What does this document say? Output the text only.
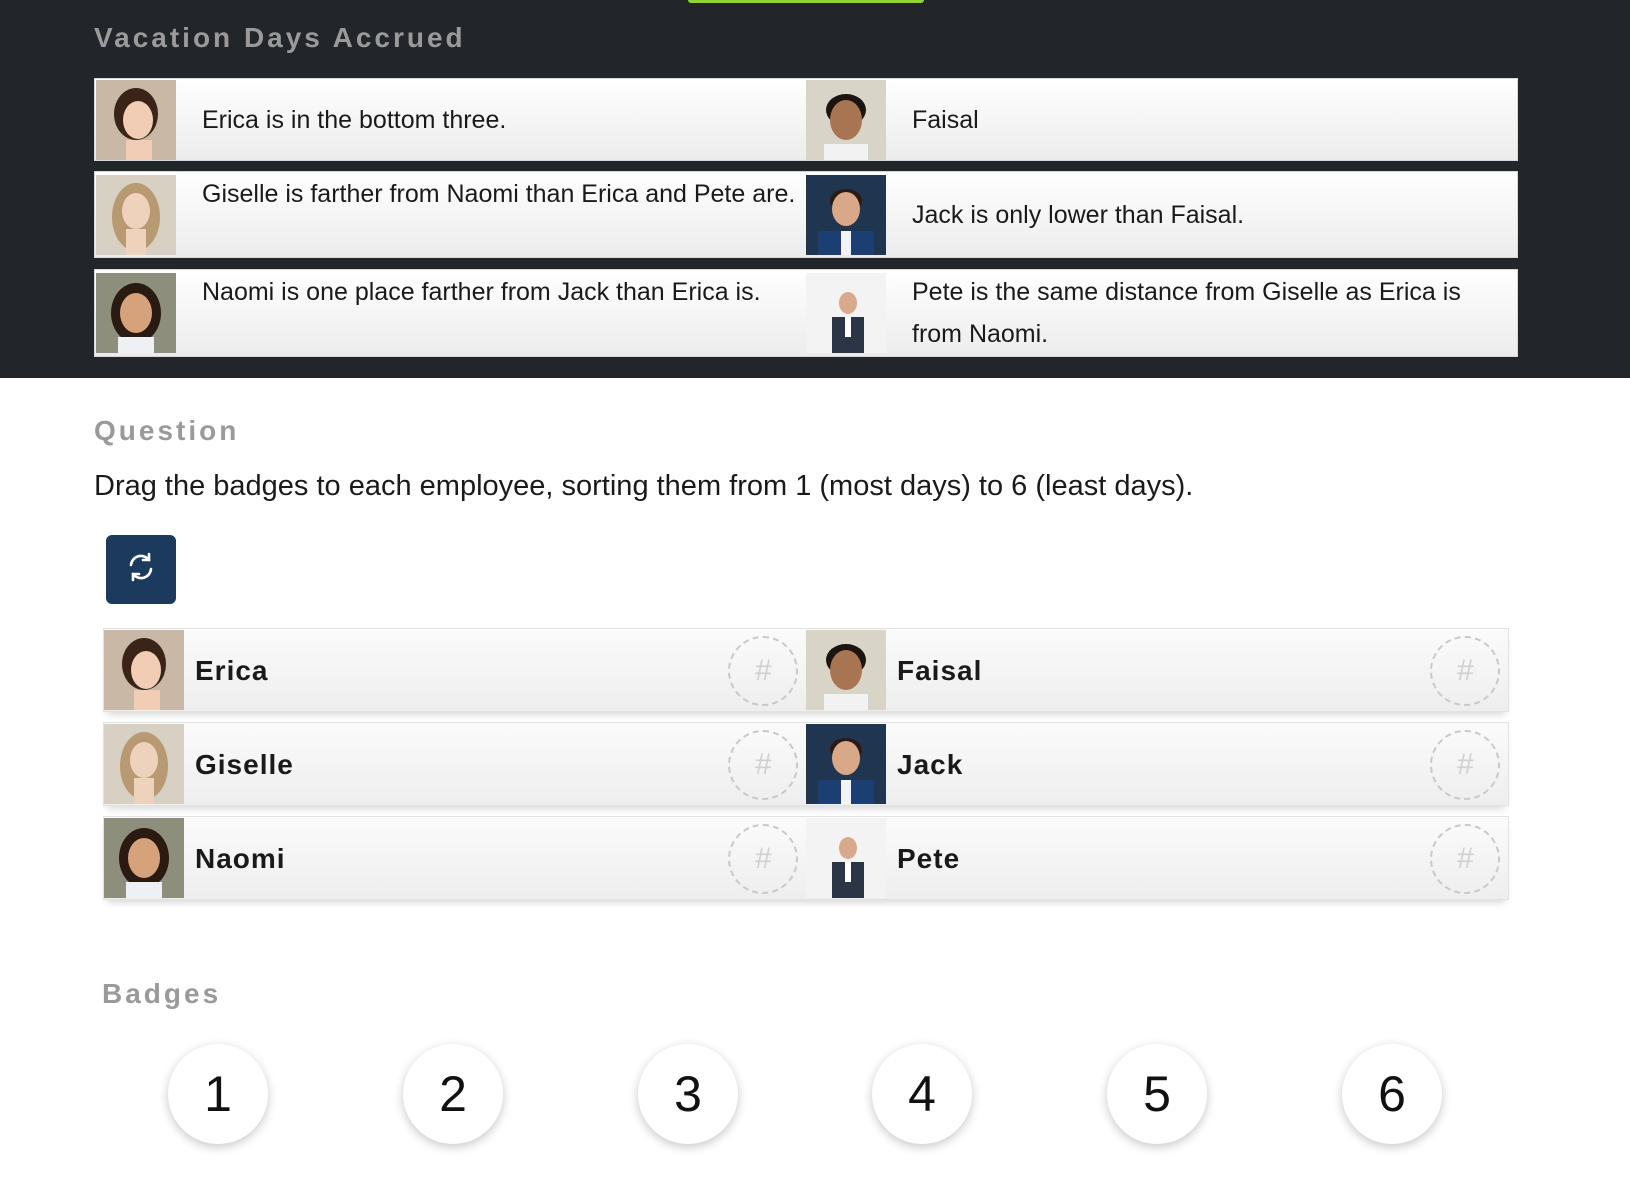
Vacation Days Accrued
Erica is in the bottom three.	Faisal
Giselle is farther from Naomi than Erica and Pete are.
Jack is only lower than Faisal.
Naomi is one place farther from Jack than Erica is.	Pete is the same distance from Giselle as Erica is from Naomi.
Question
Drag the badges to each employee, sorting them from 1 (most days) to 6 (least days).
Erica	#	Faisal	#
Giselle	#	Jack	#
Naomi	#	Pete	#
Badges
1	2	3	4	5	6
